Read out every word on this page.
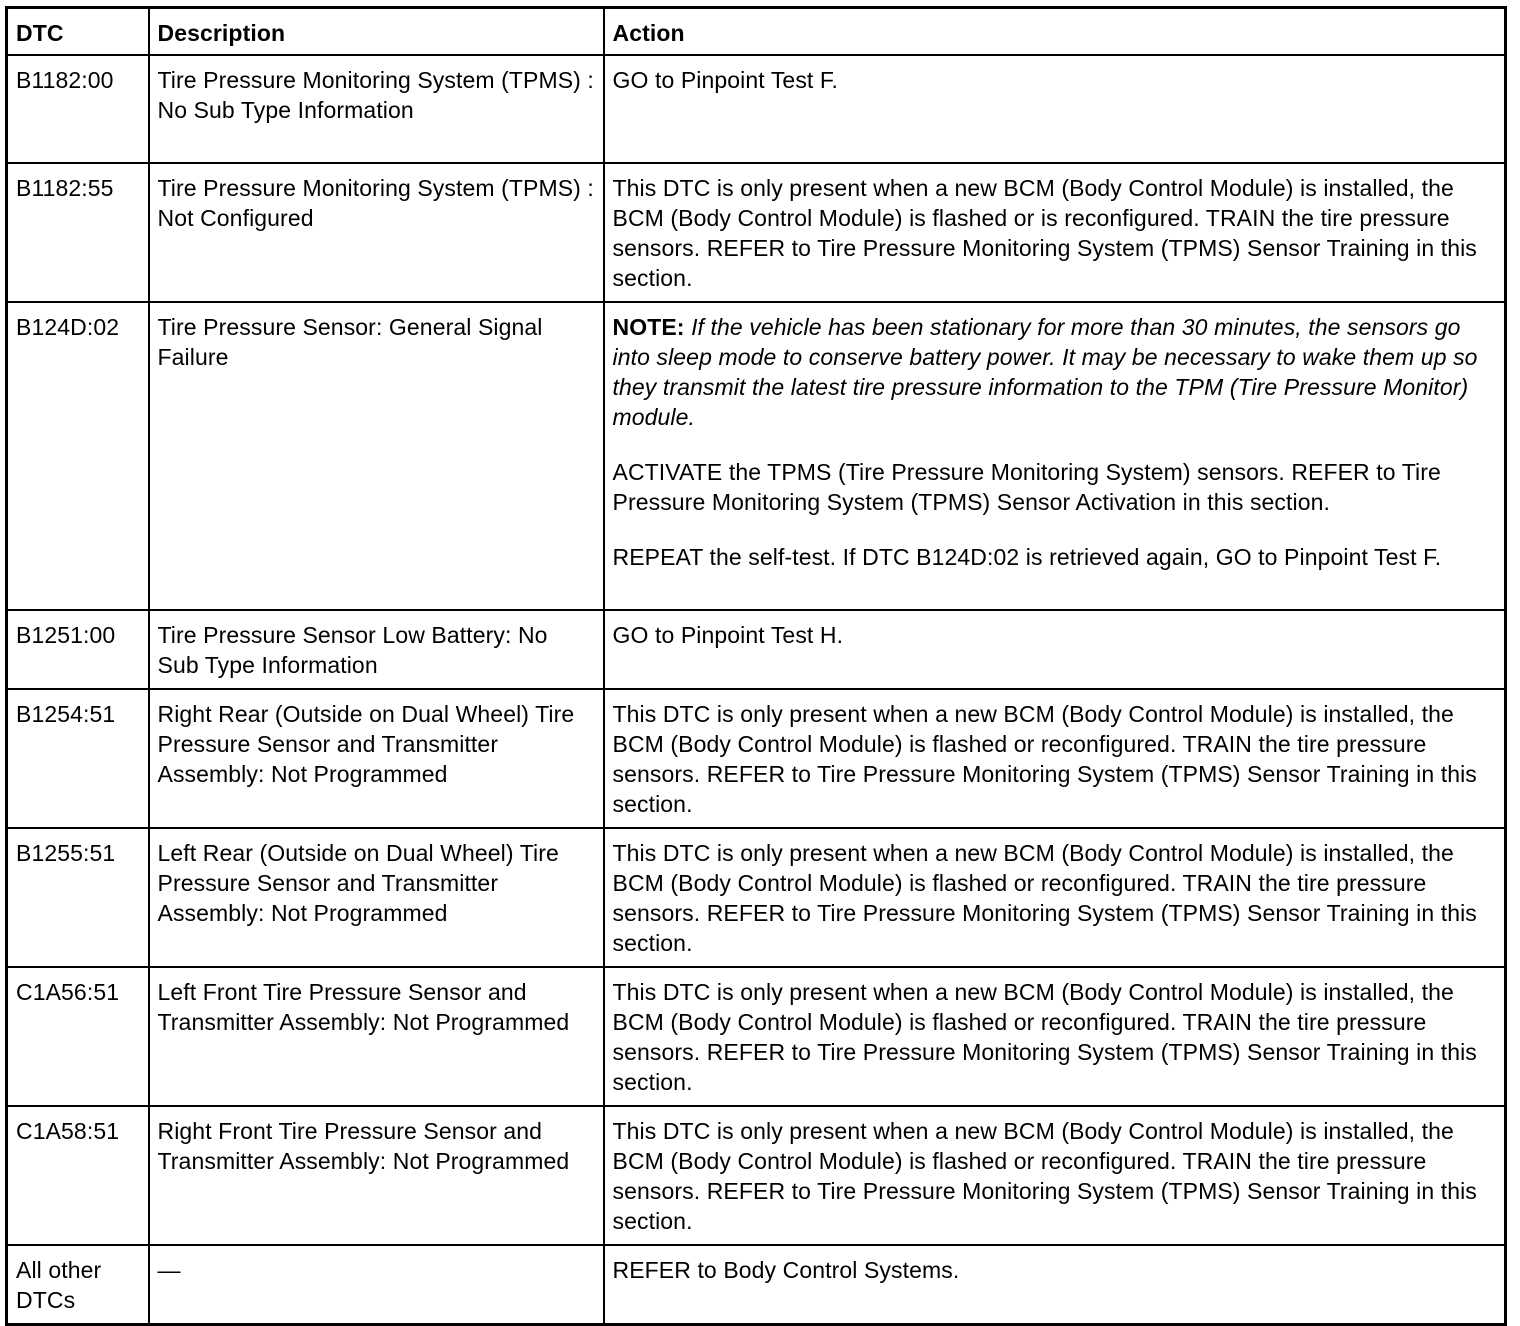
DTC	Description	Action
B1182:00	Tire Pressure Monitoring System (TPMS) : No Sub Type Information	GO to Pinpoint Test F.
B1182:55	Tire Pressure Monitoring System (TPMS) : Not Configured	This DTC is only present when a new BCM (Body Control Module) is installed, the BCM (Body Control Module) is flashed or is reconfigured. TRAIN the tire pressure sensors. REFER to Tire Pressure Monitoring System (TPMS) Sensor Training in this section.
B124D:02	Tire Pressure Sensor: General Signal Failure	NOTE: If the vehicle has been stationary for more than 30 minutes, the sensors go into sleep mode to conserve battery power. It may be necessary to wake them up so they transmit the latest tire pressure information to the TPM (Tire Pressure Monitor) module.
ACTIVATE the TPMS (Tire Pressure Monitoring System) sensors. REFER to Tire Pressure Monitoring System (TPMS) Sensor Activation in this section.
REPEAT the self-test. If DTC B124D:02 is retrieved again, GO to Pinpoint Test F.

B1251:00	Tire Pressure Sensor Low Battery: No Sub Type Information	GO to Pinpoint Test H.
B1254:51	Right Rear (Outside on Dual Wheel) Tire Pressure Sensor and Transmitter Assembly: Not Programmed	This DTC is only present when a new BCM (Body Control Module) is installed, the BCM (Body Control Module) is flashed or reconfigured. TRAIN the tire pressure sensors. REFER to Tire Pressure Monitoring System (TPMS) Sensor Training in this section.
B1255:51	Left Rear (Outside on Dual Wheel) Tire Pressure Sensor and Transmitter Assembly: Not Programmed	This DTC is only present when a new BCM (Body Control Module) is installed, the BCM (Body Control Module) is flashed or reconfigured. TRAIN the tire pressure sensors. REFER to Tire Pressure Monitoring System (TPMS) Sensor Training in this section.
C1A56:51	Left Front Tire Pressure Sensor and Transmitter Assembly: Not Programmed	This DTC is only present when a new BCM (Body Control Module) is installed, the BCM (Body Control Module) is flashed or reconfigured. TRAIN the tire pressure sensors. REFER to Tire Pressure Monitoring System (TPMS) Sensor Training in this section.
C1A58:51	Right Front Tire Pressure Sensor and Transmitter Assembly: Not Programmed	This DTC is only present when a new BCM (Body Control Module) is installed, the BCM (Body Control Module) is flashed or reconfigured. TRAIN the tire pressure sensors. REFER to Tire Pressure Monitoring System (TPMS) Sensor Training in this section.
All other DTCs	—	REFER to Body Control Systems.
